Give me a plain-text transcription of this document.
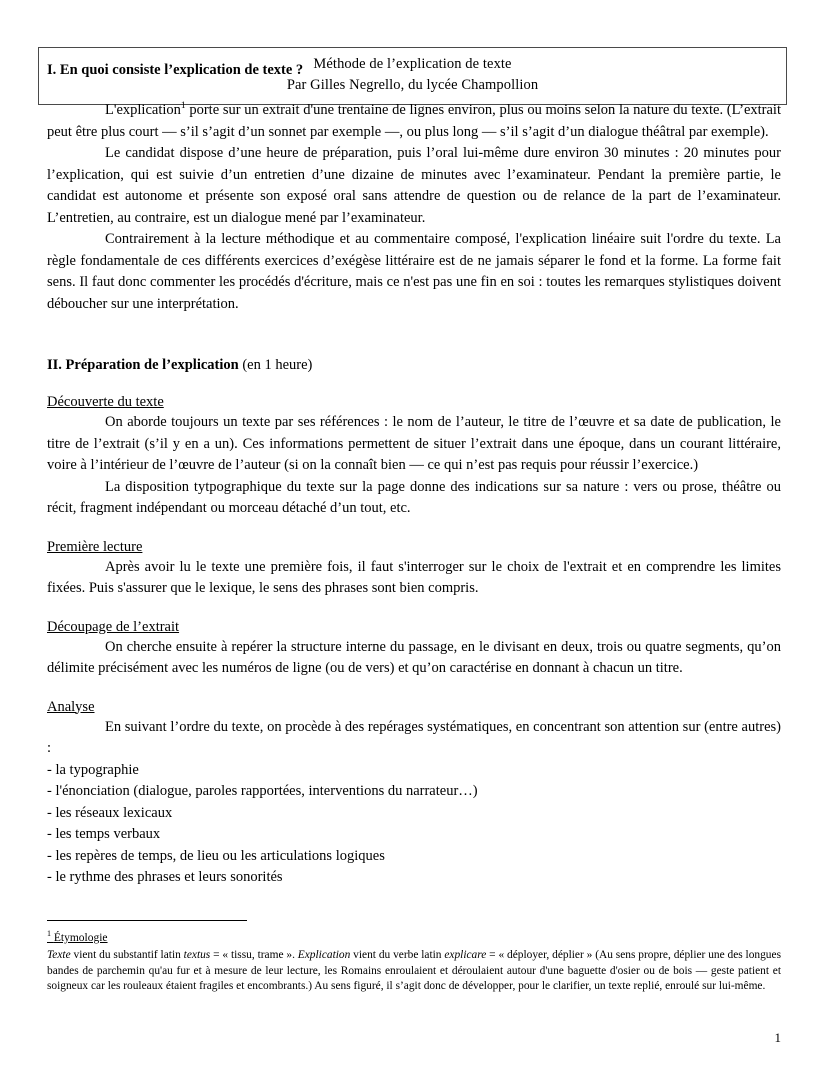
Méthode de l’explication de texte
Par Gilles Negrello, du lycée Champollion
I. En quoi consiste l’explication de texte ?

L'explication$^1$ porte sur un extrait d'une trentaine de lignes environ, plus ou moins selon la nature du texte. (L’extrait peut être plus court — s’il s’agit d’un sonnet par exemple —, ou plus long — s’il s’agit d’un dialogue théâtral par exemple).

Le candidat dispose d’une heure de préparation, puis l’oral lui-même dure environ 30 minutes : 20 minutes pour l’explication, qui est suivie d’un entretien d’une dizaine de minutes avec l’examinateur. Pendant la première partie, le candidat est autonome et présente son exposé oral sans attendre de question ou de relance de la part de l’examinateur. L’entretien, au contraire, est un dialogue mené par l’examinateur.

Contrairement à la lecture méthodique et au commentaire composé, l'explication linéaire suit l'ordre du texte. La règle fondamentale de ces différents exercices d’exégèse littéraire est de ne jamais séparer le fond et la forme. La forme fait sens. Il faut donc commenter les procédés d'écriture, mais ce n'est pas une fin en soi : toutes les remarques stylistiques doivent déboucher sur une interprétation.

II. Préparation de l’explication (en 1 heure)
Découverte du texte

On aborde toujours un texte par ses références : le nom de l’auteur, le titre de l’œuvre et sa date de publication, le titre de l’extrait (s’il y en a un). Ces informations permettent de situer l’extrait dans une époque, dans un courant littéraire, voire à l’intérieur de l’œuvre de l’auteur (si on la connaît bien — ce qui n’est pas requis pour réussir l’exercice.)

La disposition tytpographique du texte sur la page donne des indications sur sa nature : vers ou prose, théâtre ou récit, fragment indépendant ou morceau détaché d’un tout, etc.

Première lecture

Après avoir lu le texte une première fois, il faut s'interroger sur le choix de l'extrait et en comprendre les limites fixées. Puis s'assurer que le lexique, le sens des phrases sont bien compris.

Découpage de l’extrait

On cherche ensuite à repérer la structure interne du passage, en le divisant en deux, trois ou quatre segments, qu’on délimite précisément avec les numéros de ligne (ou de vers) et qu’on caractérise en donnant à chacun un titre.

Analyse

En suivant l’ordre du texte, on procède à des repérages systématiques, en concentrant son attention sur (entre autres) :

- la typographie

- l'énonciation (dialogue, paroles rapportées, interventions du narrateur…)

- les réseaux lexicaux

- les temps verbaux

- les repères de temps, de lieu ou les articulations logiques

- le rythme des phrases et leurs sonorités

$^1$ Étymologie

Texte vient du substantif latin textus = « tissu, trame ». Explication vient du verbe latin explicare = « déployer, déplier » (Au sens propre, déplier une des longues bandes de parchemin qu'au fur et à mesure de leur lecture, les Romains enroulaient et déroulaient autour d'une baguette d'osier ou de bois — geste patient et soigneux car les rouleaux étaient fragiles et encombrants.) Au sens figuré, il s’agit donc de développer, pour le clarifier, un texte replié, enroulé sur lui-même.

1
